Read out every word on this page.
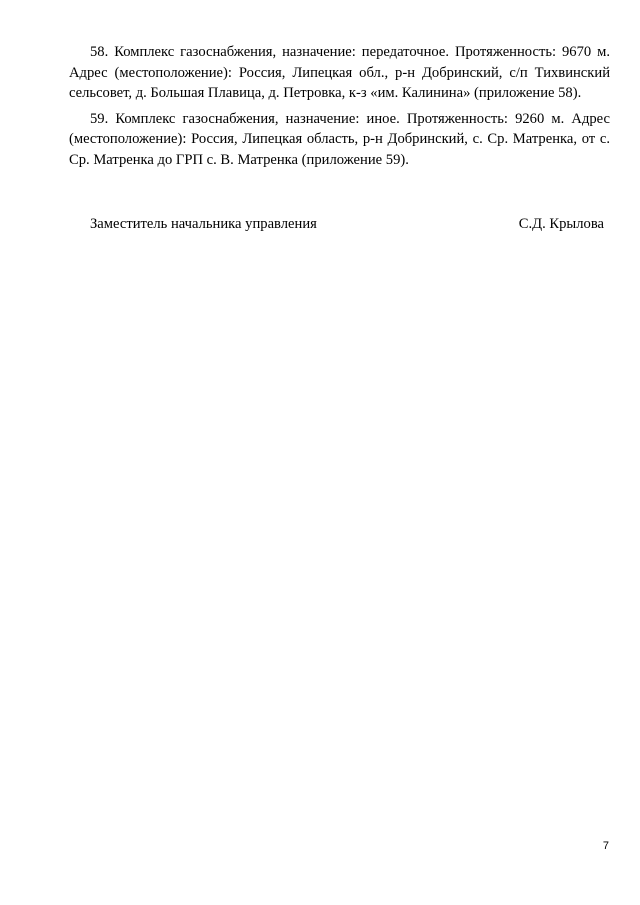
58. Комплекс газоснабжения, назначение: передаточное. Протяженность: 9670 м. Адрес (местоположение): Россия, Липецкая обл., р-н Добринский, с/п Тихвинский сельсовет, д. Большая Плавица, д. Петровка, к-з «им. Калинина» (приложение 58).

59. Комплекс газоснабжения, назначение: иное. Протяженность: 9260 м. Адрес (местоположение): Россия, Липецкая область, р-н Добринский, с. Ср. Матренка, от с. Ср. Матренка до ГРП с. В. Матренка (приложение 59).

Заместитель начальника управления	С.Д. Крылова
7
